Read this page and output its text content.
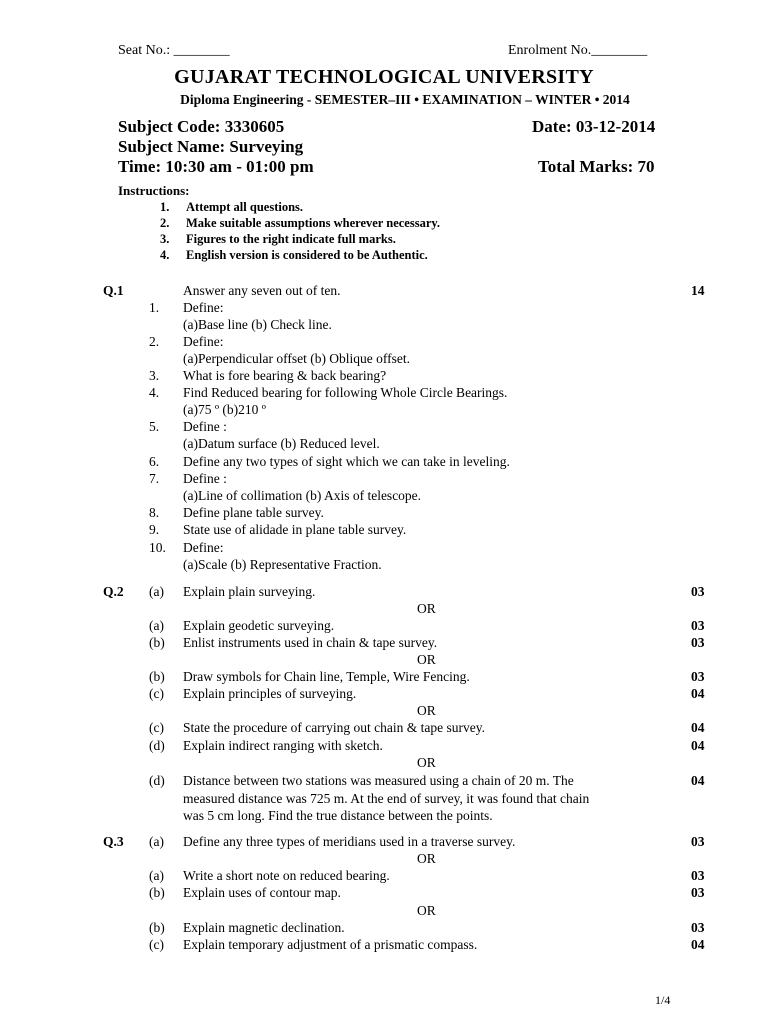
Seat No.: ________	Enrolment No.________
GUJARAT TECHNOLOGICAL UNIVERSITY
Diploma Engineering - SEMESTER–III • EXAMINATION – WINTER • 2014
Subject Code: 3330605	Date: 03-12-2014
Subject Name: Surveying
Time: 10:30 am - 01:00 pm	Total Marks: 70
Instructions:
1. Attempt all questions.
2. Make suitable assumptions wherever necessary.
3. Figures to the right indicate full marks.
4. English version is considered to be Authentic.
Q.1	Answer any seven out of ten.	14
1. Define:
(a)Base line (b) Check line.
2. Define:
(a)Perpendicular offset (b) Oblique offset.
3. What is fore bearing & back bearing?
4. Find Reduced bearing for following Whole Circle Bearings.
(a)75 º (b)210 º
5. Define :
(a)Datum surface (b) Reduced level.
6. Define any two types of sight which we can take in leveling.
7. Define :
(a)Line of collimation (b) Axis of telescope.
8. Define plane table survey.
9. State use of alidade in plane table survey.
10. Define:
(a)Scale (b) Representative Fraction.
Q.2 (a) Explain plain surveying.	03
OR
(a) Explain geodetic surveying.	03
(b) Enlist instruments used in chain & tape survey.	03
OR
(b) Draw symbols for Chain line, Temple, Wire Fencing.	03
(c) Explain principles of surveying.	04
OR
(c) State the procedure of carrying out chain & tape survey.	04
(d) Explain indirect ranging with sketch.	04
OR
(d) Distance between two stations was measured using a chain of 20 m. The	04
measured distance was 725 m. At the end of survey, it was found that chain
was 5 cm long. Find the true distance between the points.
Q.3 (a) Define any three types of meridians used in a traverse survey.	03
OR
(a) Write a short note on reduced bearing.	03
(b) Explain uses of contour map.	03
OR
(b) Explain magnetic declination.	03
(c) Explain temporary adjustment of a prismatic compass.	04
1/4
